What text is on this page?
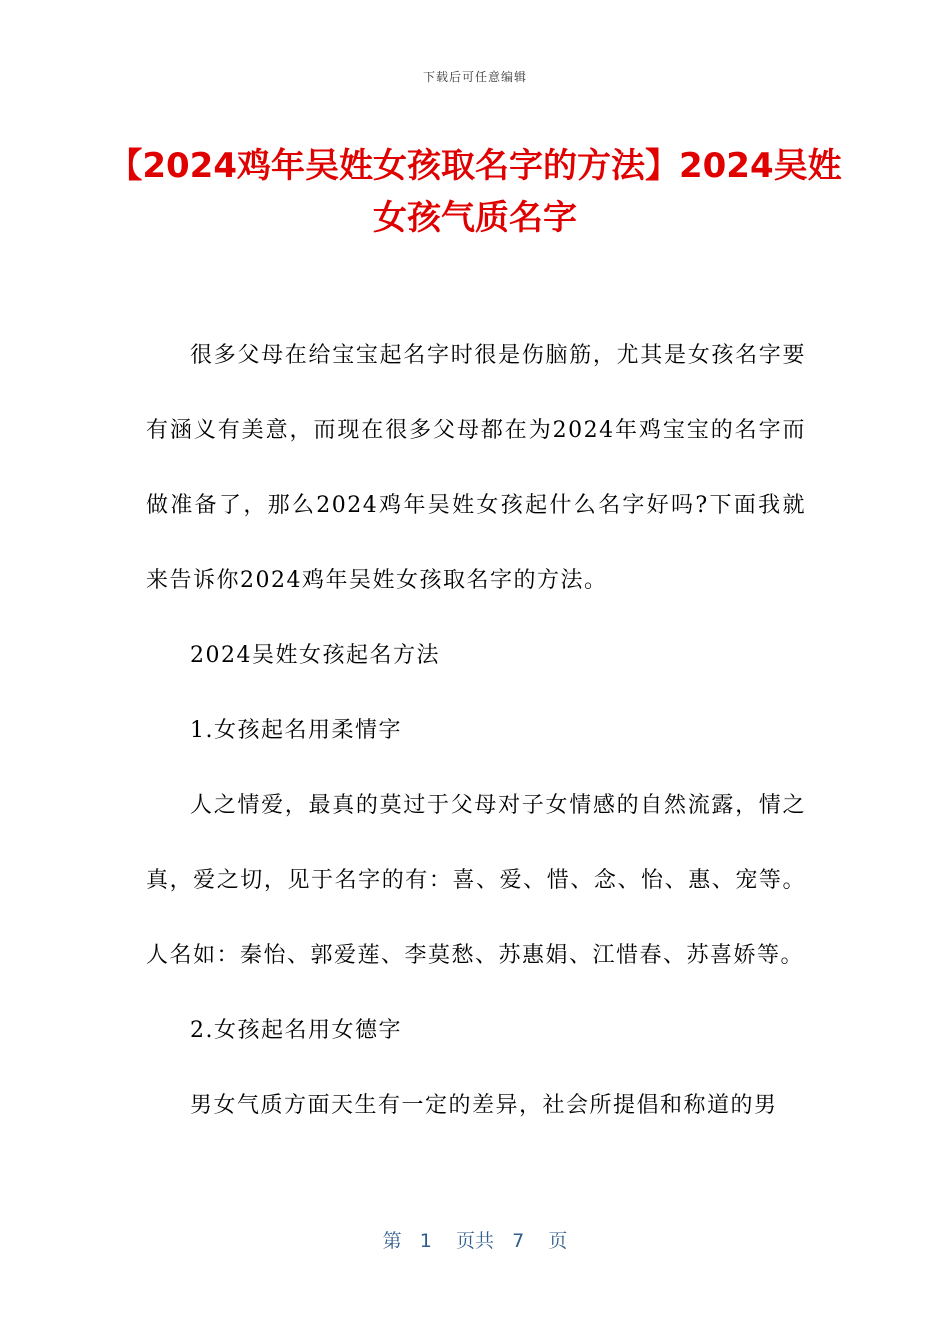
下载后可任意编辑
【2024鸡年吴姓女孩取名字的方法】2024吴姓女孩气质名字

很多父母在给宝宝起名字时很是伤脑筋，尤其是女孩名字要有涵义有美意，而现在很多父母都在为2024年鸡宝宝的名字而做准备了，那么2024鸡年吴姓女孩起什么名字好吗?下面我就来告诉你2024鸡年吴姓女孩取名字的方法。

2024吴姓女孩起名方法

1.女孩起名用柔情字

人之情爱，最真的莫过于父母对子女情感的自然流露，情之真，爱之切，见于名字的有：喜、爱、惜、念、怡、惠、宠等。人名如：秦怡、郭爱莲、李莫愁、苏惠娟、江惜春、苏喜娇等。

2.女孩起名用女德字

男女气质方面天生有一定的差异，社会所提倡和称道的男

第 1 页共 7 页
